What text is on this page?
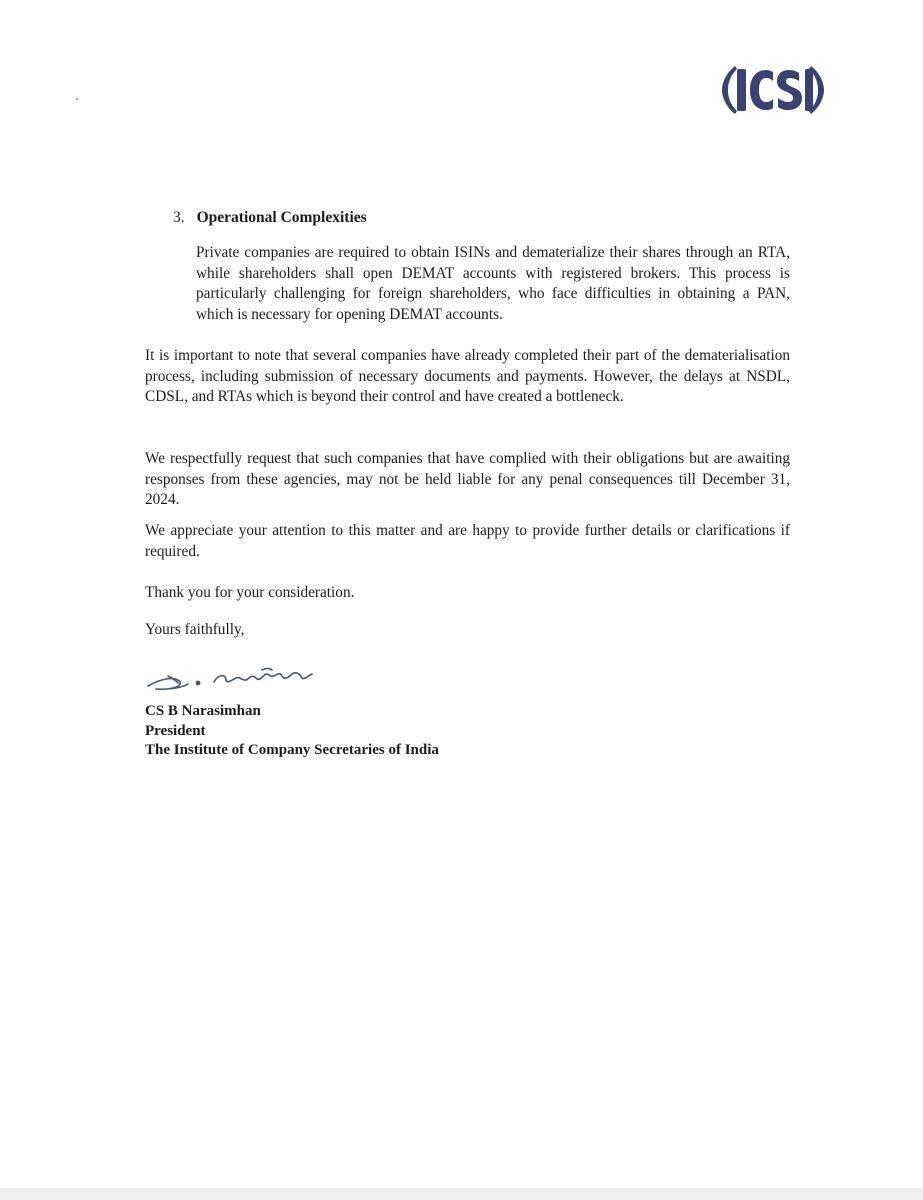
3. Operational Complexities
Private companies are required to obtain ISINs and dematerialize their shares through an RTA, while shareholders shall open DEMAT accounts with registered brokers. This process is particularly challenging for foreign shareholders, who face difficulties in obtaining a PAN, which is necessary for opening DEMAT accounts.
It is important to note that several companies have already completed their part of the dematerialisation process, including submission of necessary documents and payments. However, the delays at NSDL, CDSL, and RTAs which is beyond their control and have created a bottleneck.
We respectfully request that such companies that have complied with their obligations but are awaiting responses from these agencies, may not be held liable for any penal consequences till December 31, 2024.
We appreciate your attention to this matter and are happy to provide further details or clarifications if required.
Thank you for your consideration.
Yours faithfully,
CS B Narasimhan
President
The Institute of Company Secretaries of India
